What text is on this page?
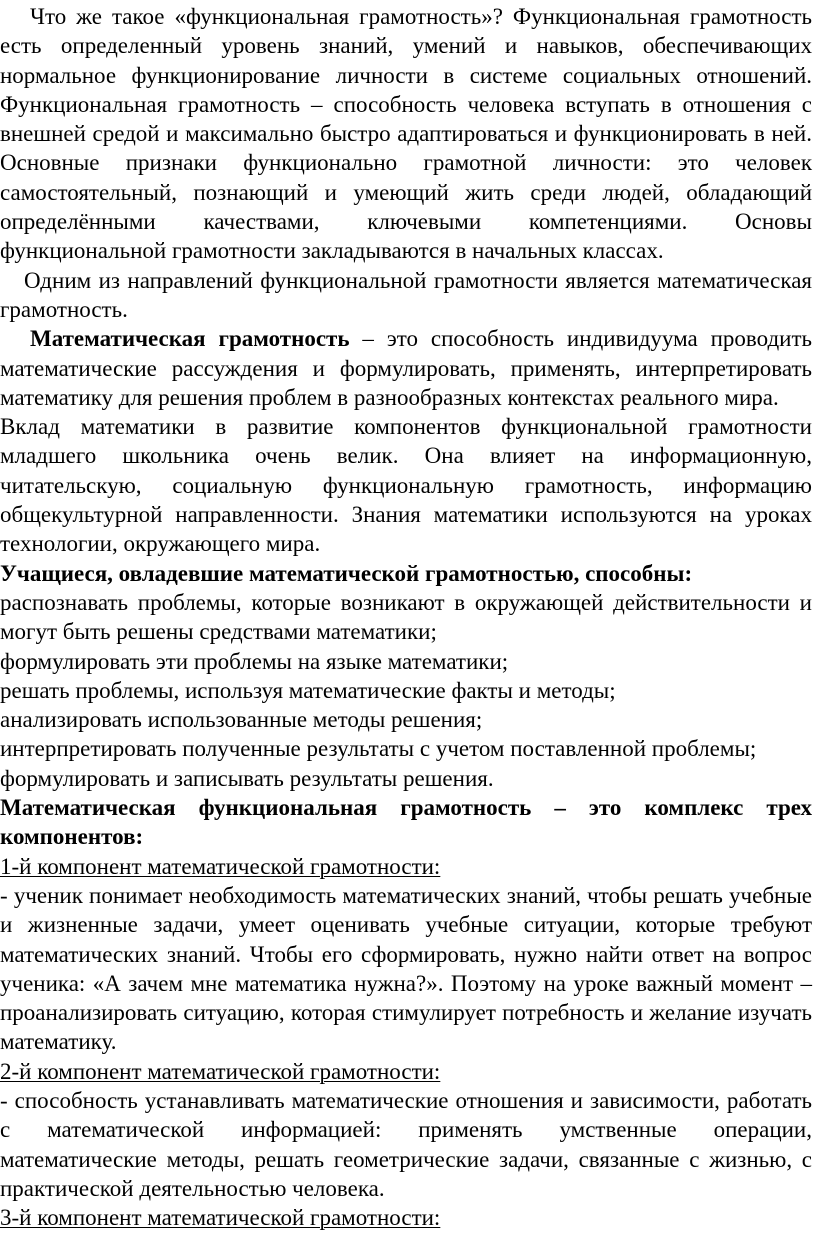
Что же такое «функциональная грамотность»? Функциональная грамотность есть определенный уровень знаний, умений и навыков, обеспечивающих нормальное функционирование личности в системе социальных отношений. Функциональная грамотность – способность человека вступать в отношения с внешней средой и максимально быстро адаптироваться и функционировать в ней. Основные признаки функционально грамотной личности: это человек самостоятельный, познающий и умеющий жить среди людей, обладающий определёнными качествами, ключевыми компетенциями. Основы функциональной грамотности закладываются в начальных классах.

Одним из направлений функциональной грамотности является математическая грамотность.

Математическая грамотность – это способность индивидуума проводить математические рассуждения и формулировать, применять, интерпретировать математику для решения проблем в разнообразных контекстах реального мира.

Вклад математики в развитие компонентов функциональной грамотности младшего школьника очень велик. Она влияет на информационную, читательскую, социальную функциональную грамотность, информацию общекультурной направленности. Знания математики используются на уроках технологии, окружающего мира.

Учащиеся, овладевшие математической грамотностью, способны:

распознавать проблемы, которые возникают в окружающей действительности и могут быть решены средствами математики;

формулировать эти проблемы на языке математики;

решать проблемы, используя математические факты и методы;

анализировать использованные методы решения;

интерпретировать полученные результаты с учетом поставленной проблемы;

формулировать и записывать результаты решения.

Математическая функциональная грамотность – это комплекс трех компонентов:

1-й компонент математической грамотности:

- ученик понимает необходимость математических знаний, чтобы решать учебные и жизненные задачи, умеет оценивать учебные ситуации, которые требуют математических знаний. Чтобы его сформировать, нужно найти ответ на вопрос ученика: «А зачем мне математика нужна?». Поэтому на уроке важный момент – проанализировать ситуацию, которая стимулирует потребность и желание изучать математику.

2-й компонент математической грамотности:

- способность устанавливать математические отношения и зависимости, работать с математической информацией: применять умственные операции, математические методы, решать геометрические задачи, связанные с жизнью, с практической деятельностью человека.

3-й компонент математической грамотности:
